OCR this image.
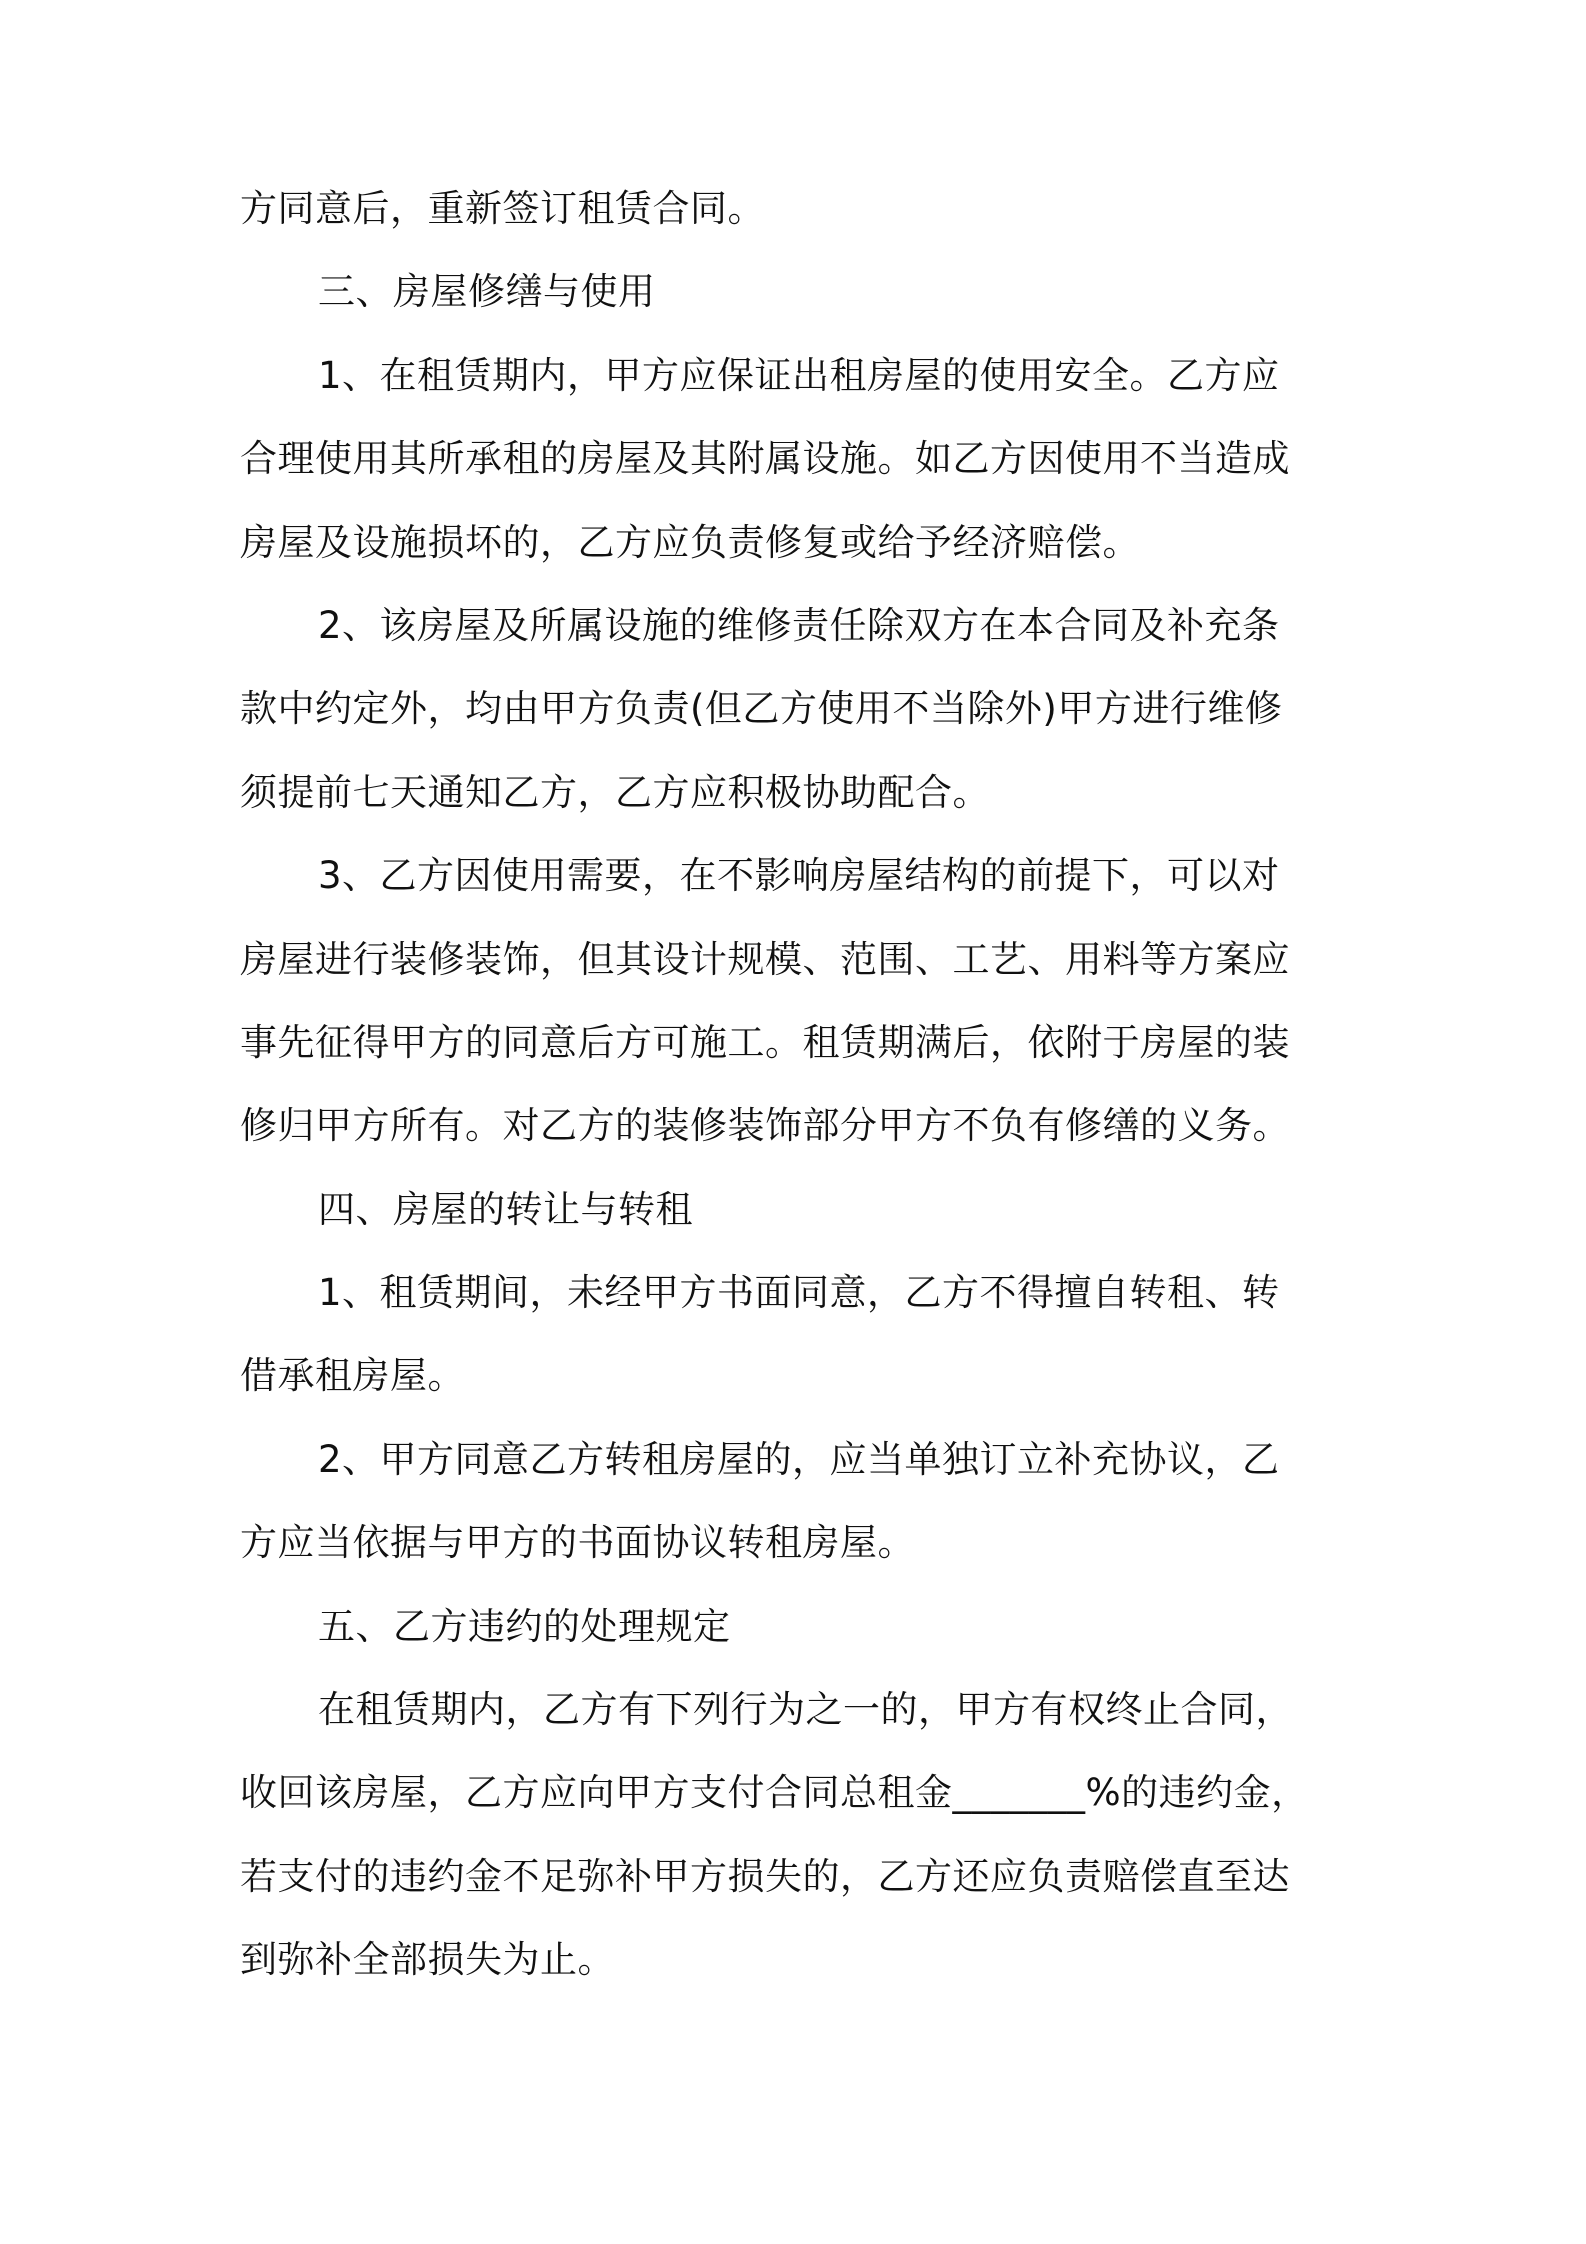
方同意后，重新签订租赁合同。
三、房屋修缮与使用
1、在租赁期内，甲方应保证出租房屋的使用安全。乙方应
合理使用其所承租的房屋及其附属设施。如乙方因使用不当造成
房屋及设施损坏的，乙方应负责修复或给予经济赔偿。
2、该房屋及所属设施的维修责任除双方在本合同及补充条
款中约定外，均由甲方负责(但乙方使用不当除外)甲方进行维修
须提前七天通知乙方，乙方应积极协助配合。
3、乙方因使用需要，在不影响房屋结构的前提下，可以对
房屋进行装修装饰，但其设计规模、范围、工艺、用料等方案应
事先征得甲方的同意后方可施工。租赁期满后，依附于房屋的装
修归甲方所有。对乙方的装修装饰部分甲方不负有修缮的义务。
四、房屋的转让与转租
1、租赁期间，未经甲方书面同意，乙方不得擅自转租、转
借承租房屋。
2、甲方同意乙方转租房屋的，应当单独订立补充协议，乙
方应当依据与甲方的书面协议转租房屋。
五、乙方违约的处理规定
在租赁期内，乙方有下列行为之一的，甲方有权终止合同，
收回该房屋，乙方应向甲方支付合同总租金_______%的违约金，
若支付的违约金不足弥补甲方损失的，乙方还应负责赔偿直至达
到弥补全部损失为止。
